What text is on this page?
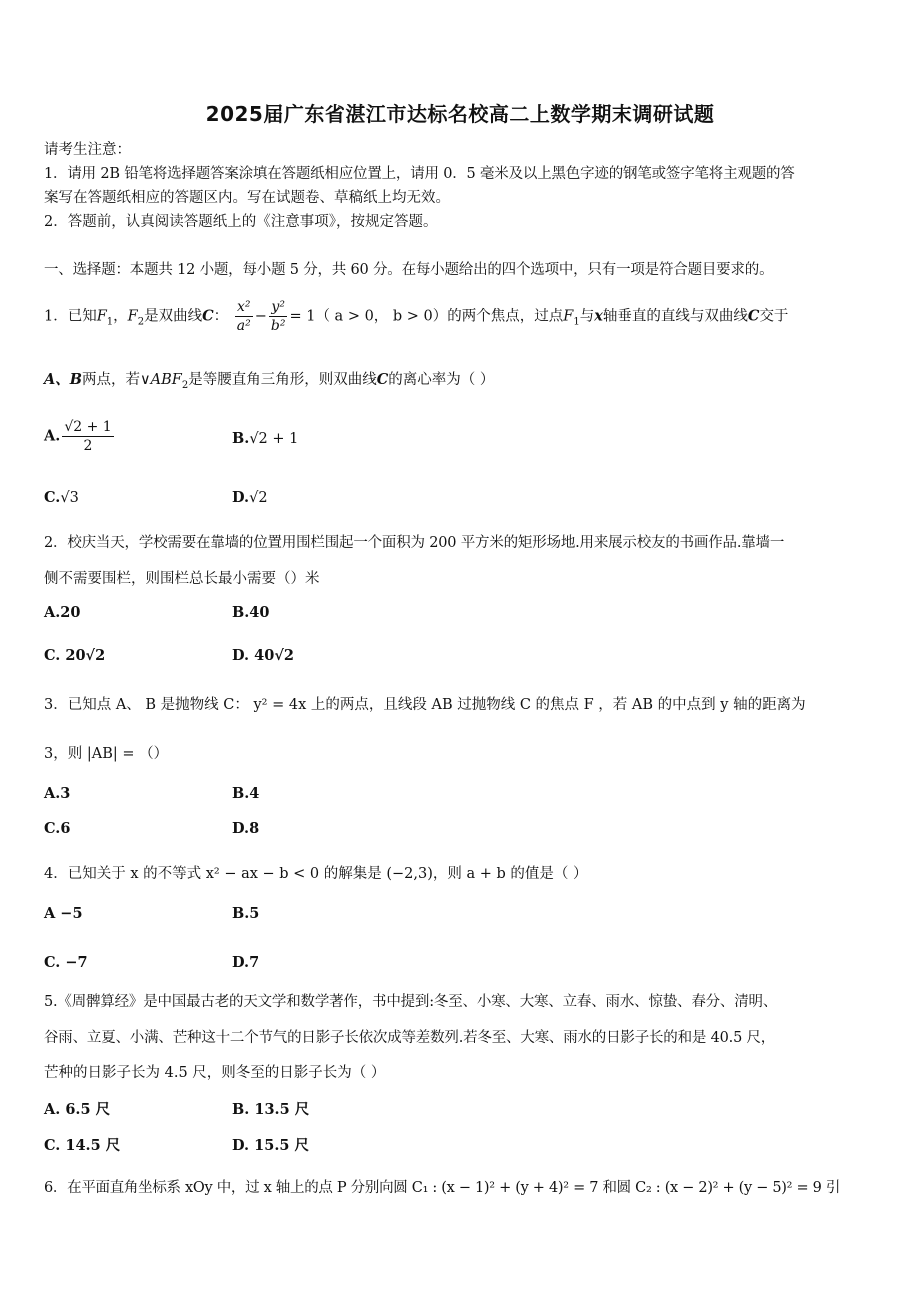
2025届广东省湛江市达标名校高二上数学期末调研试题
请考生注意：
1．请用 2B 铅笔将选择题答案涂填在答题纸相应位置上，请用 0．5 毫米及以上黑色字迹的钢笔或签字笔将主观题的答
案写在答题纸相应的答题区内。写在试题卷、草稿纸上均无效。
2．答题前，认真阅读答题纸上的《注意事项》，按规定答题。
一、选择题：本题共 12 小题，每小题 5 分，共 60 分。在每小题给出的四个选项中，只有一项是符合题目要求的。
1．已知$F_1$，$F_2$是双曲线C： $\frac{\text{x²}}{\text{a²}} - \frac{\text{y²}}{\text{b²}} = 1$（ a > 0， b > 0）的两个焦点，过点$F_1$与x轴垂直的直线与双曲线C交于
A、B两点，若$\vee ABF_2$是等腰直角三角形，则双曲线C的离心率为（ ）
A. $\frac{√2 + 1}{2}$	B.√2 + 1
C.√3	D.√2
2．校庆当天，学校需要在靠墙的位置用围栏围起一个面积为 200 平方米的矩形场地.用来展示校友的书画作品.靠墙一
侧不需要围栏，则围栏总长最小需要（）米
A.20	B.40
C. 20√2	D. 40√2
3．已知点 A、 B 是抛物线 C： y² = 4x 上的两点，且线段 AB 过抛物线 C 的焦点 F ，若 AB 的中点到 y 轴的距离为
3，则 |AB| = （）
A.3	B.4
C.6	D.8
4．已知关于 x 的不等式 x² − ax − b < 0 的解集是 (−2,3)，则 a + b 的值是（ ）
A −5	B.5
C. −7	D.7
5.《周髀算经》是中国最古老的天文学和数学著作，书中提到:冬至、小寒、大寒、立春、雨水、惊蛰、春分、清明、
谷雨、立夏、小满、芒种这十二个节气的日影子长依次成等差数列.若冬至、大寒、雨水的日影子长的和是 40.5 尺，
芒种的日影子长为 4.5 尺，则冬至的日影子长为（ ）
A. 6.5 尺	B. 13.5 尺
C. 14.5 尺	D. 15.5 尺
6．在平面直角坐标系 xOy 中，过 x 轴上的点 P 分别向圆 C₁ : (x − 1)² + (y + 4)² = 7 和圆 C₂ : (x − 2)² + (y − 5)² = 9 引
